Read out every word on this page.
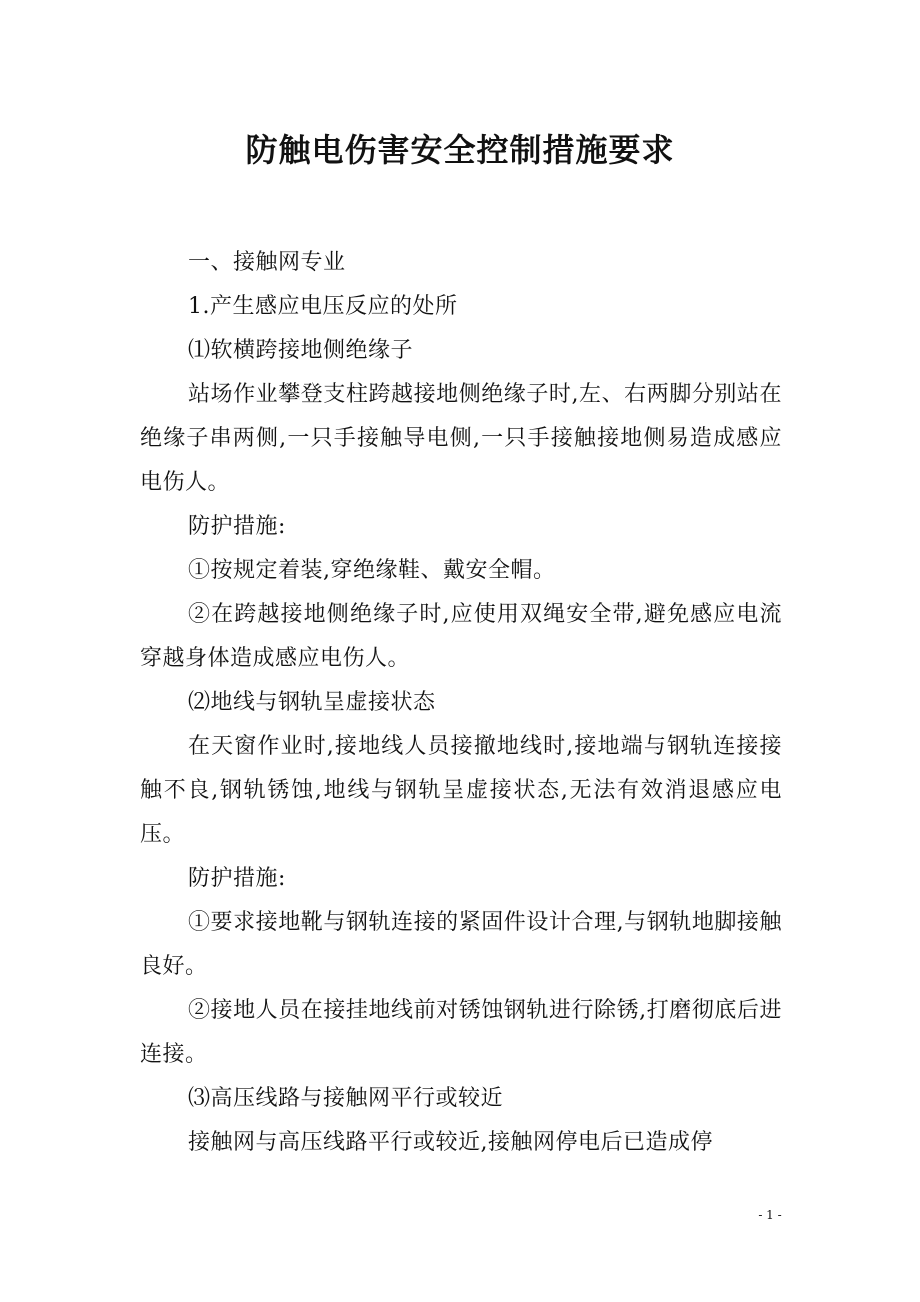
防触电伤害安全控制措施要求

一、接触网专业

1.产生感应电压反应的处所

⑴软横跨接地侧绝缘子

站场作业攀登支柱跨越接地侧绝缘子时,左、右两脚分别站在绝缘子串两侧,一只手接触导电侧,一只手接触接地侧易造成感应电伤人。

防护措施:

①按规定着装,穿绝缘鞋、戴安全帽。

②在跨越接地侧绝缘子时,应使用双绳安全带,避免感应电流穿越身体造成感应电伤人。

⑵地线与钢轨呈虚接状态

在天窗作业时,接地线人员接撤地线时,接地端与钢轨连接接触不良,钢轨锈蚀,地线与钢轨呈虚接状态,无法有效消退感应电压。

防护措施:

①要求接地靴与钢轨连接的紧固件设计合理,与钢轨地脚接触良好。

②接地人员在接挂地线前对锈蚀钢轨进行除锈,打磨彻底后进连接。

⑶高压线路与接触网平行或较近

接触网与高压线路平行或较近,接触网停电后已造成停

- 1 -
